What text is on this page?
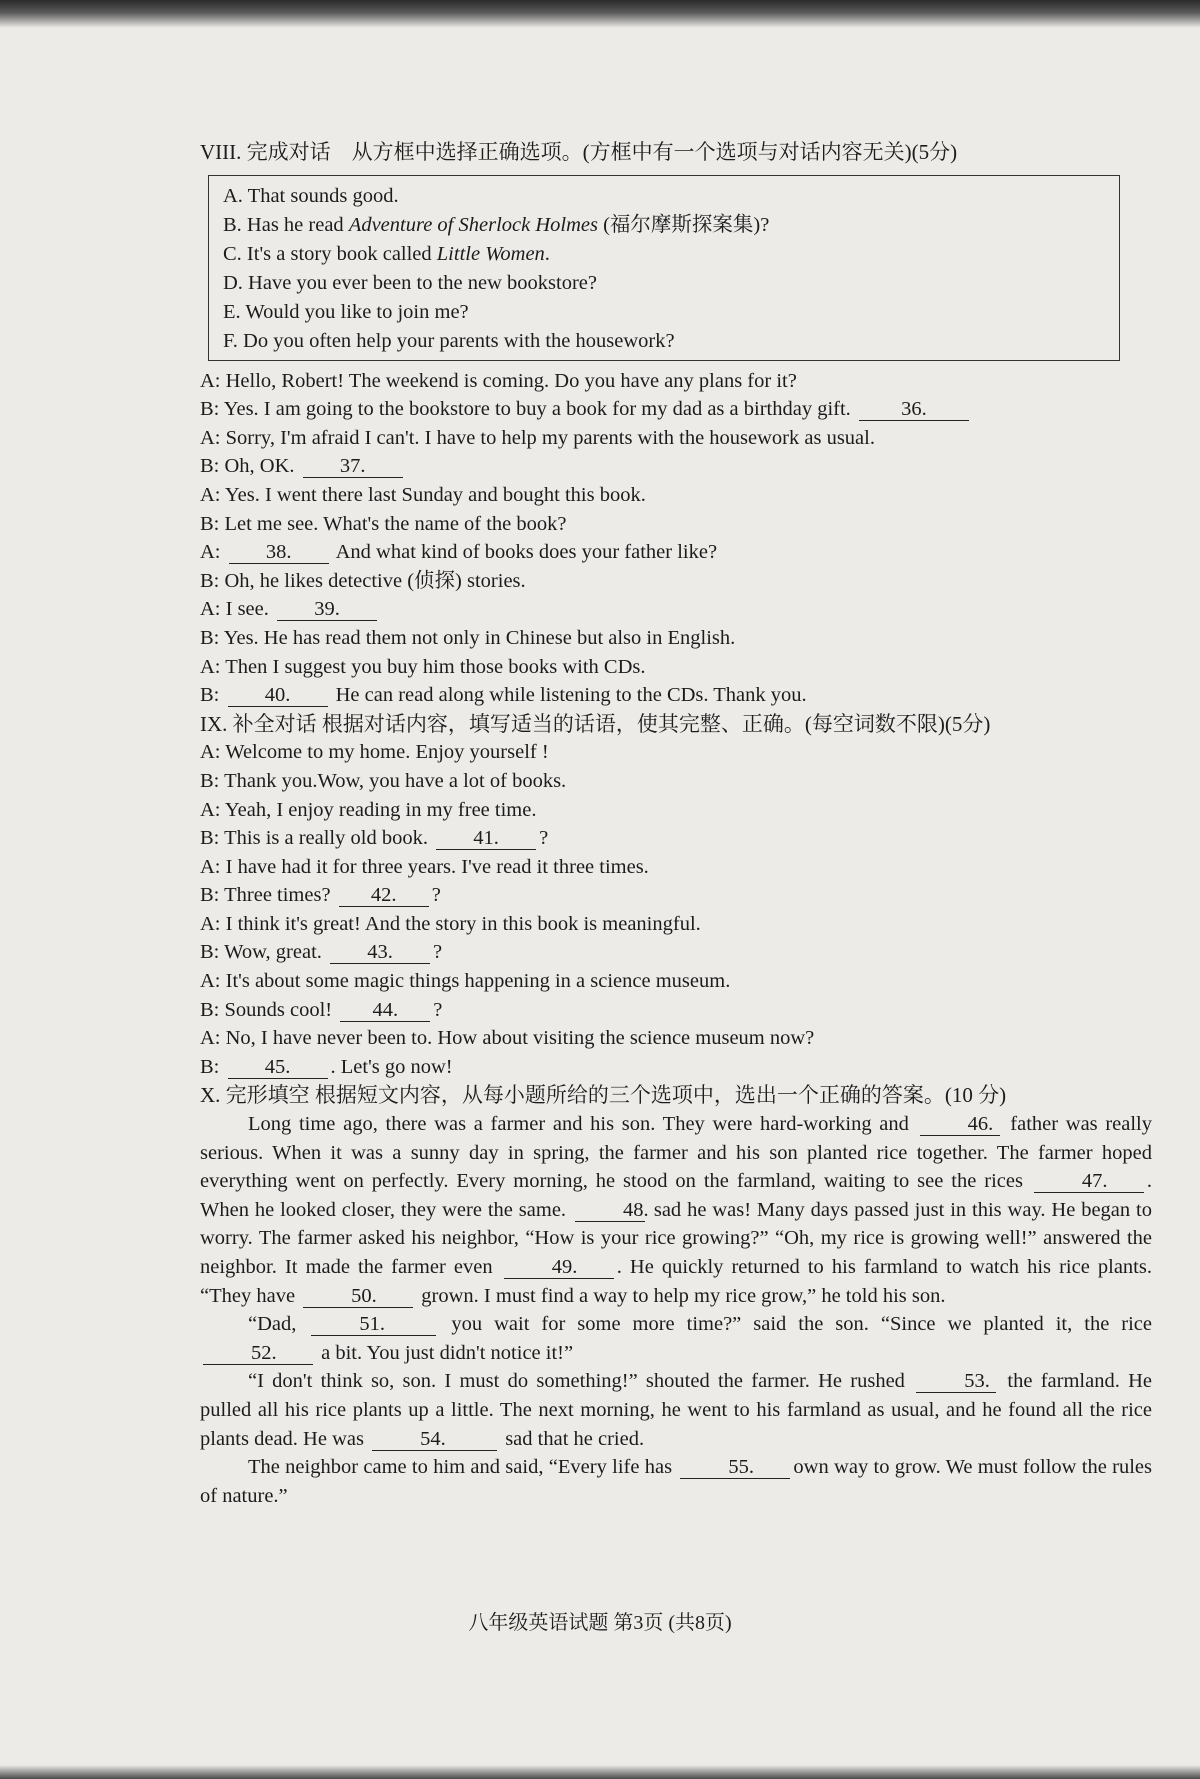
VIII. 完成对话　从方框中选择正确选项。(方框中有一个选项与对话内容无关)(5分)
A. That sounds good.
B. Has he read Adventure of Sherlock Holmes (福尔摩斯探案集)?
C. It's a story book called Little Women.
D. Have you ever been to the new bookstore?
E. Would you like to join me?
F. Do you often help your parents with the housework?
A: Hello, Robert! The weekend is coming. Do you have any plans for it?
B: Yes. I am going to the bookstore to buy a book for my dad as a birthday gift. 36.
A: Sorry, I'm afraid I can't. I have to help my parents with the housework as usual.
B: Oh, OK. 37.
A: Yes. I went there last Sunday and bought this book.
B: Let me see. What's the name of the book?
A: 38. And what kind of books does your father like?
B: Oh, he likes detective (侦探) stories.
A: I see. 39.
B: Yes. He has read them not only in Chinese but also in English.
A: Then I suggest you buy him those books with CDs.
B: 40. He can read along while listening to the CDs. Thank you.
IX. 补全对话 根据对话内容，填写适当的话语，使其完整、正确。(每空词数不限)(5分)
A: Welcome to my home. Enjoy yourself !
B: Thank you.Wow, you have a lot of books.
A: Yeah, I enjoy reading in my free time.
B: This is a really old book. 41. ?
A: I have had it for three years. I've read it three times.
B: Three times? 42. ?
A: I think it's great! And the story in this book is meaningful.
B: Wow, great. 43. ?
A: It's about some magic things happening in a science museum.
B: Sounds cool! 44. ?
A: No, I have never been to. How about visiting the science museum now?
B: 45. . Let's go now!
X. 完形填空 根据短文内容，从每小题所给的三个选项中，选出一个正确的答案。(10 分)

Long time ago, there was a farmer and his son. They were hard-working and 46. father was really serious. When it was a sunny day in spring, the farmer and his son planted rice together. The farmer hoped everything went on perfectly. Every morning, he stood on the farmland, waiting to see the rices 47. . When he looked closer, they were the same. 48. sad he was! Many days passed just in this way. He began to worry. The farmer asked his neighbor, “How is your rice growing?” “Oh, my rice is growing well!” answered the neighbor. It made the farmer even 49. . He quickly returned to his farmland to watch his rice plants. “They have 50. grown. I must find a way to help my rice grow,” he told his son.

“Dad, 51.	you wait for some more time?” said the son. “Since we planted it, the rice 52. a bit. You just didn't notice it!”

“I don't think so, son. I must do something!” shouted the farmer. He rushed 53. the farmland. He pulled all his rice plants up a little. The next morning, he went to his farmland as usual, and he found all the rice plants dead. He was 54.	sad that he cried.

The neighbor came to him and said, “Every life has 55. own way to grow. We must follow the rules of nature.”

八年级英语试题 第3页 (共8页)
